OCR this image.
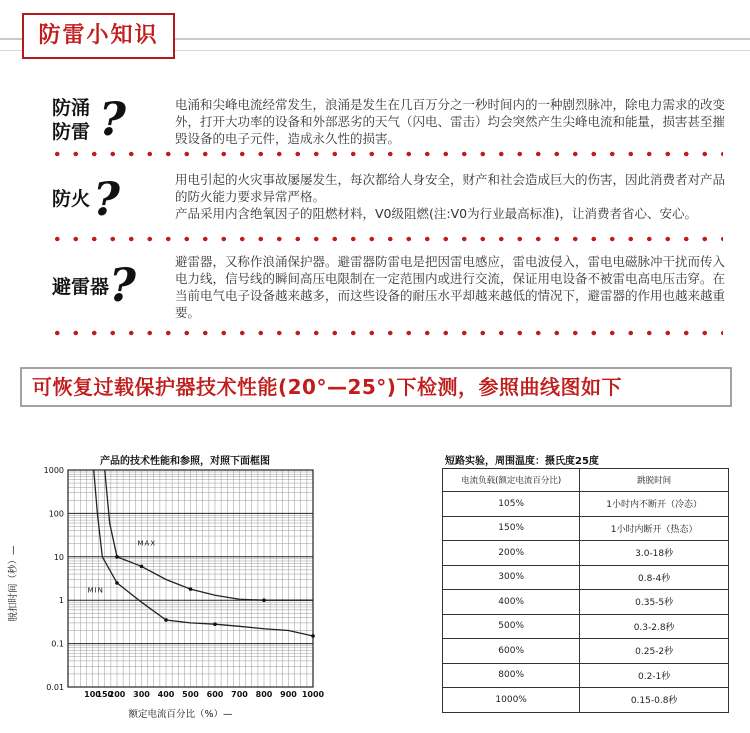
防雷小知识
防涌
防雷 ?	电涌和尖峰电流经常发生，浪涌是发生在几百万分之一秒时间内的一种剧烈脉冲，除电力需求的改变外，打开大功率的设备和外部恶劣的天气（闪电、雷击）均会突然产生尖峰电流和能量，损害甚至摧毁设备的电子元件，造成永久性的损害。

防火 ?	用电引起的火灾事故屡屡发生，每次都给人身安全，财产和社会造成巨大的伤害，因此消费者对产品的防火能力要求异常严格。

产品采用内含绝氧因子的阻燃材料，V0级阻燃(注:V0为行业最高标准)，让消费者省心、安心。

避雷器 ?	避雷器，又称作浪涌保护器。避雷器防雷电是把因雷电感应，雷电波侵入，雷电电磁脉冲干扰而传入电力线，信号线的瞬间高压电限制在一定范围内或进行交流，保证用电设备不被雷电高电压击穿。在当前电气电子设备越来越多，而这些设备的耐压水平却越来越低的情况下，避雷器的作用也越来越重要。

可恢复过载保护器技术性能(20°—25°)下检测，参照曲线图如下
产品的技术性能和参照，对照下面框图
1000
100
10
1
0.1
0.01
100
150
200 300 400 500 600 700 800 900 1000
额定电流百分比（%）—
脱扣时间（秒）—
MAX
MIN
短路实验，周围温度：摄氏度25度
电流负载(额定电流百分比)	跳脱时间
105%	1小时内不断开（冷态）
150%	1小时内断开（热态）
200%	3.0-18秒
300%	0.8-4秒
400%	0.35-5秒
500%	0.3-2.8秒
600%	0.25-2秒
800%	0.2-1秒
1000%	0.15-0.8秒
